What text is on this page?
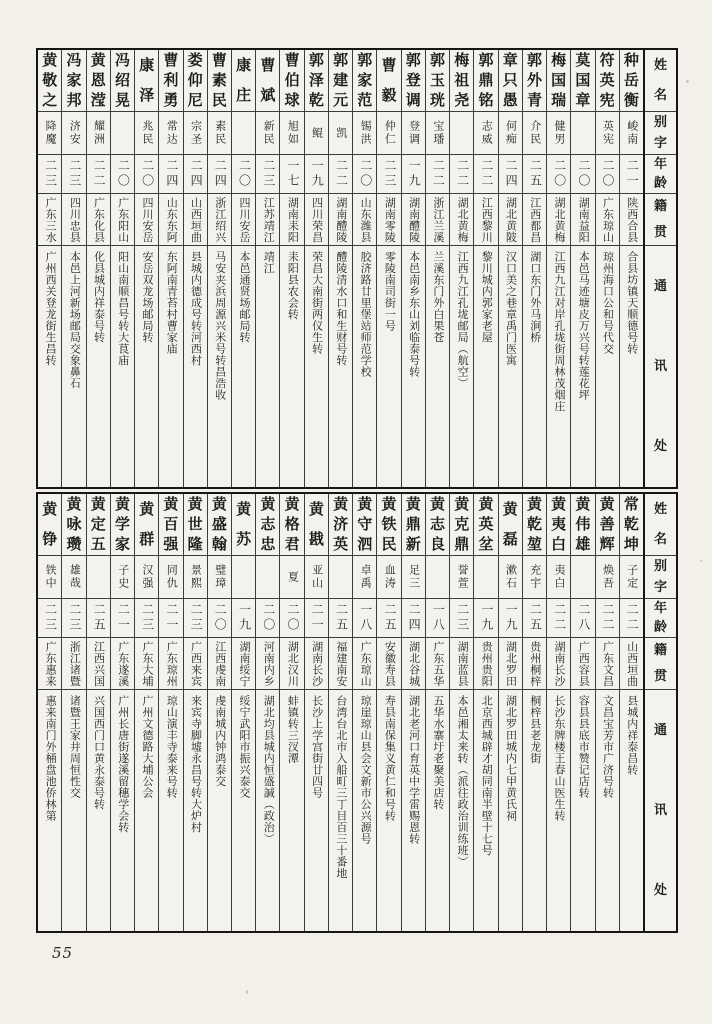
姓
名
别
字
年
龄
籍
贯
通
讯
处
种
岳
衡
峻南
二一
陕西合县
合县坊镇天顺德号转
符
英
宪
英宪
二〇
广东琼山
琼州海口公和号代交
莫
国
章
二〇
湖南益阳
本邑马迹塘皮万兴号转莲花坪
梅
国
瑞
健男
二〇
湖北黄梅
江西九江对岸孔垅街周林茂烟庄
郭
外
青
介民
二五
江西都昌
湖口东门外马涧桥
章
只
愚
何痴
二四
湖北黄陂
汉口美之巷章禹门医寓
郭
鼎
铭
志威
二二
江西黎川
黎川城内郭家老屋
梅
祖
尧
二二
湖北黄梅
江西九江孔垅邮局（航空）
郭
玉
珖
宝璠
二二
浙江兰溪
兰溪东门外白果苍
郭
登
调
登调
一九
湖南醴陵
本邑南乡东山刘临泰号转
曹
毅
仲仁
二三
湖南零陵
零陵南司街一号
郭
家
范
锡洪
二〇
山东潍县
胶济路廿里堡站师范学校
郭
建
元
凯
二二
湖南醴陵
醴陵清水口和生财号转
郭
泽
乾
鲲
一九
四川荣昌
荣昌大南街两仪生转
曹
伯
球
旭如
一七
湖南耒阳
耒阳县农会转
曹
斌
新民
二三
江苏靖江
靖江
康
庄
二〇
四川安岳
本邑通贤场邮局转
曹
素
民
素民
二四
浙江绍兴
马安夹浜周源兴米号转昌浩收
娄
仰
尼
宗圣
二四
山西垣曲
县城内德成号转河西村
曹
利
勇
常达
二四
山东东阿
东阿南青苔村曹家庙
康
泽
兆民
二〇
四川安岳
安岳双龙场邮局转
冯
绍
晃
二〇
广东阳山
阳山南顺昌号转大茛庙
黄
恩
滢
耀洲
二二
广东化县
化县城内祥泰号转
冯
家
邦
济安
二三
四川忠县
本邑上河新场邮局交象鼻石
黄
敬
之
降魔
二三
广东三水
广州西关登龙街生昌转
姓
名
别
字
年
龄
籍
贯
通
讯
处
常
乾
坤
子定
二二
山西垣曲
县城内祥泰昌转
黄
善
辉
焕吾
二二
广东文昌
文昌宝芳市广济号转
黄
伟
雄
二八
广西容县
容县县底市赞记店转
黄
夷
白
夷白
二二
湖南长沙
长沙东牌楼王春山医生转
黄
乾
堃
充宇
二五
贵州桐梓
桐梓县老龙街
黄
磊
漱石
一九
湖北罗田
湖北罗田城内七甲黄氏祠
黄
英
坌
一九
贵州贵阳
北京西城辟才胡同南半壁十七号
黄
克
鼎
誉萱
二三
湖南蓝县
本邑湘太来转（派往政治训练班）
黄
志
良
一八
广东五华
五华水寨圩老聚美店转
黄
鼎
新
足三
二四
湖北谷城
湖北老河口育英中学雷赐恩转
黄
铁
民
血涛
二五
安徽寿县
寿县南保集义黄仁和号转
黄
守
泗
卓禹
一八
广东琼山
琼崖琼山县会文新市公兴源号
黄
济
英
二五
福建南安
台湾台北市入船町三丁目百三十番地
黄
戡
亚山
二一
湖南长沙
长沙上学宫街廿四号
黄
格
君
夏
二〇
湖北汉川
蚌镇转三汊潭
黄
志
忠
二〇
河南内乡
湖北均县城内恒盛諴（政治）
黄
苏
一九
湖南绥宁
绥宁武阳市振兴泰交
黄
盛
翰
璧璋
二〇
江西虔南
虔南城内钟鸿泰交
黄
世
隆
景熙
二三
广西来宾
来宾寺脚墟永昌号转大炉村
黄
百
强
同仇
二一
广东琼州
琼山演丰寺泰来号转
黄
群
汉强
二三
广东大埔
广州文德路大埔公会
黄
学
家
子史
二一
广东遂溪
广州长唐街遂溪留穗学会转
黄
定
五
二五
江西兴国
兴国西门口黄永泰号转
黄
咏
瓒
雄哉
二三
浙江诸暨
诸暨王家井周恒性交
黄
铮
铁中
二三
广东惠来
惠来南门外桶盘池侨林第
55
